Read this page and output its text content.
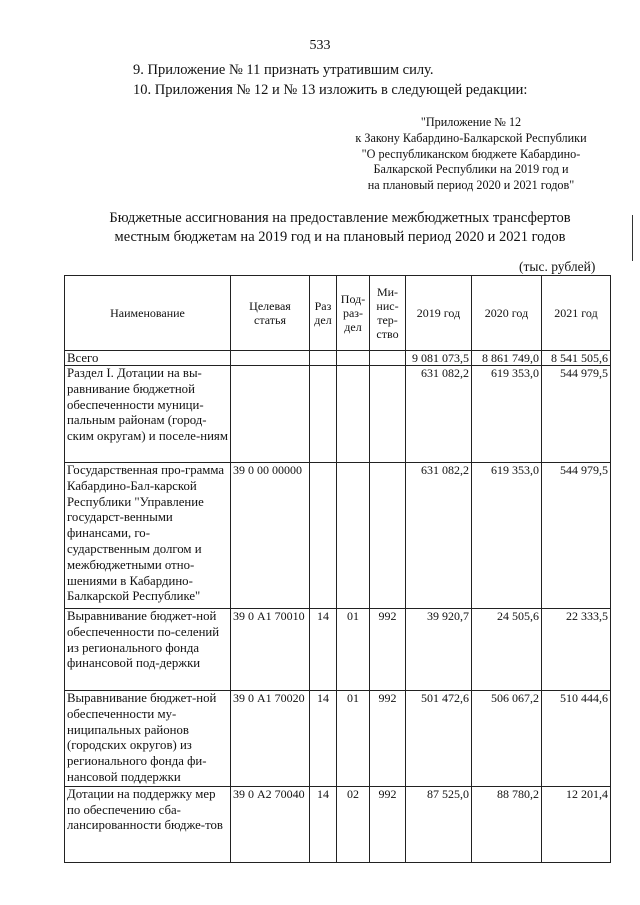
533
9. Приложение № 11 признать утратившим силу.
10. Приложения № 12 и № 13 изложить в следующей редакции:
"Приложение № 12
к Закону Кабардино-Балкарской Республики
"О республиканском бюджете Кабардино-
Балкарской Республики на 2019 год и
на плановый период 2020 и 2021 годов"
Бюджетные ассигнования на предоставление межбюджетных трансфертов
местным бюджетам на 2019 год и на плановый период 2020 и 2021 годов
(тыс. рублей)
Наименование	Целевая статья	Раз дел	Под-раз-дел	Ми-нис-тер-ство	2019 год	2020 год	2021 год
Всего					9 081 073,5	8 861 749,0	8 541 505,6
Раздел I. Дотации на вы-равнивание бюджетной обеспеченности муници-пальным районам (город-ским округам) и поселе-ниям					631 082,2	619 353,0	544 979,5
Государственная про-грамма Кабардино-Бал-карской Республики "Управление государст-венными финансами, го-сударственным долгом и межбюджетными отно-шениями в Кабардино-Балкарской Республике"	39 0 00 00000				631 082,2	619 353,0	544 979,5
Выравнивание бюджет-ной обеспеченности по-селений из регионального фонда финансовой под-держки	39 0 А1 70010	14	01	992	39 920,7	24 505,6	22 333,5
Выравнивание бюджет-ной обеспеченности му-ниципальных районов (городских округов) из регионального фонда фи-нансовой поддержки	39 0 А1 70020	14	01	992	501 472,6	506 067,2	510 444,6
Дотации на поддержку мер по обеспечению сба-лансированности бюдже-тов	39 0 А2 70040	14	02	992	87 525,0	88 780,2	12 201,4
